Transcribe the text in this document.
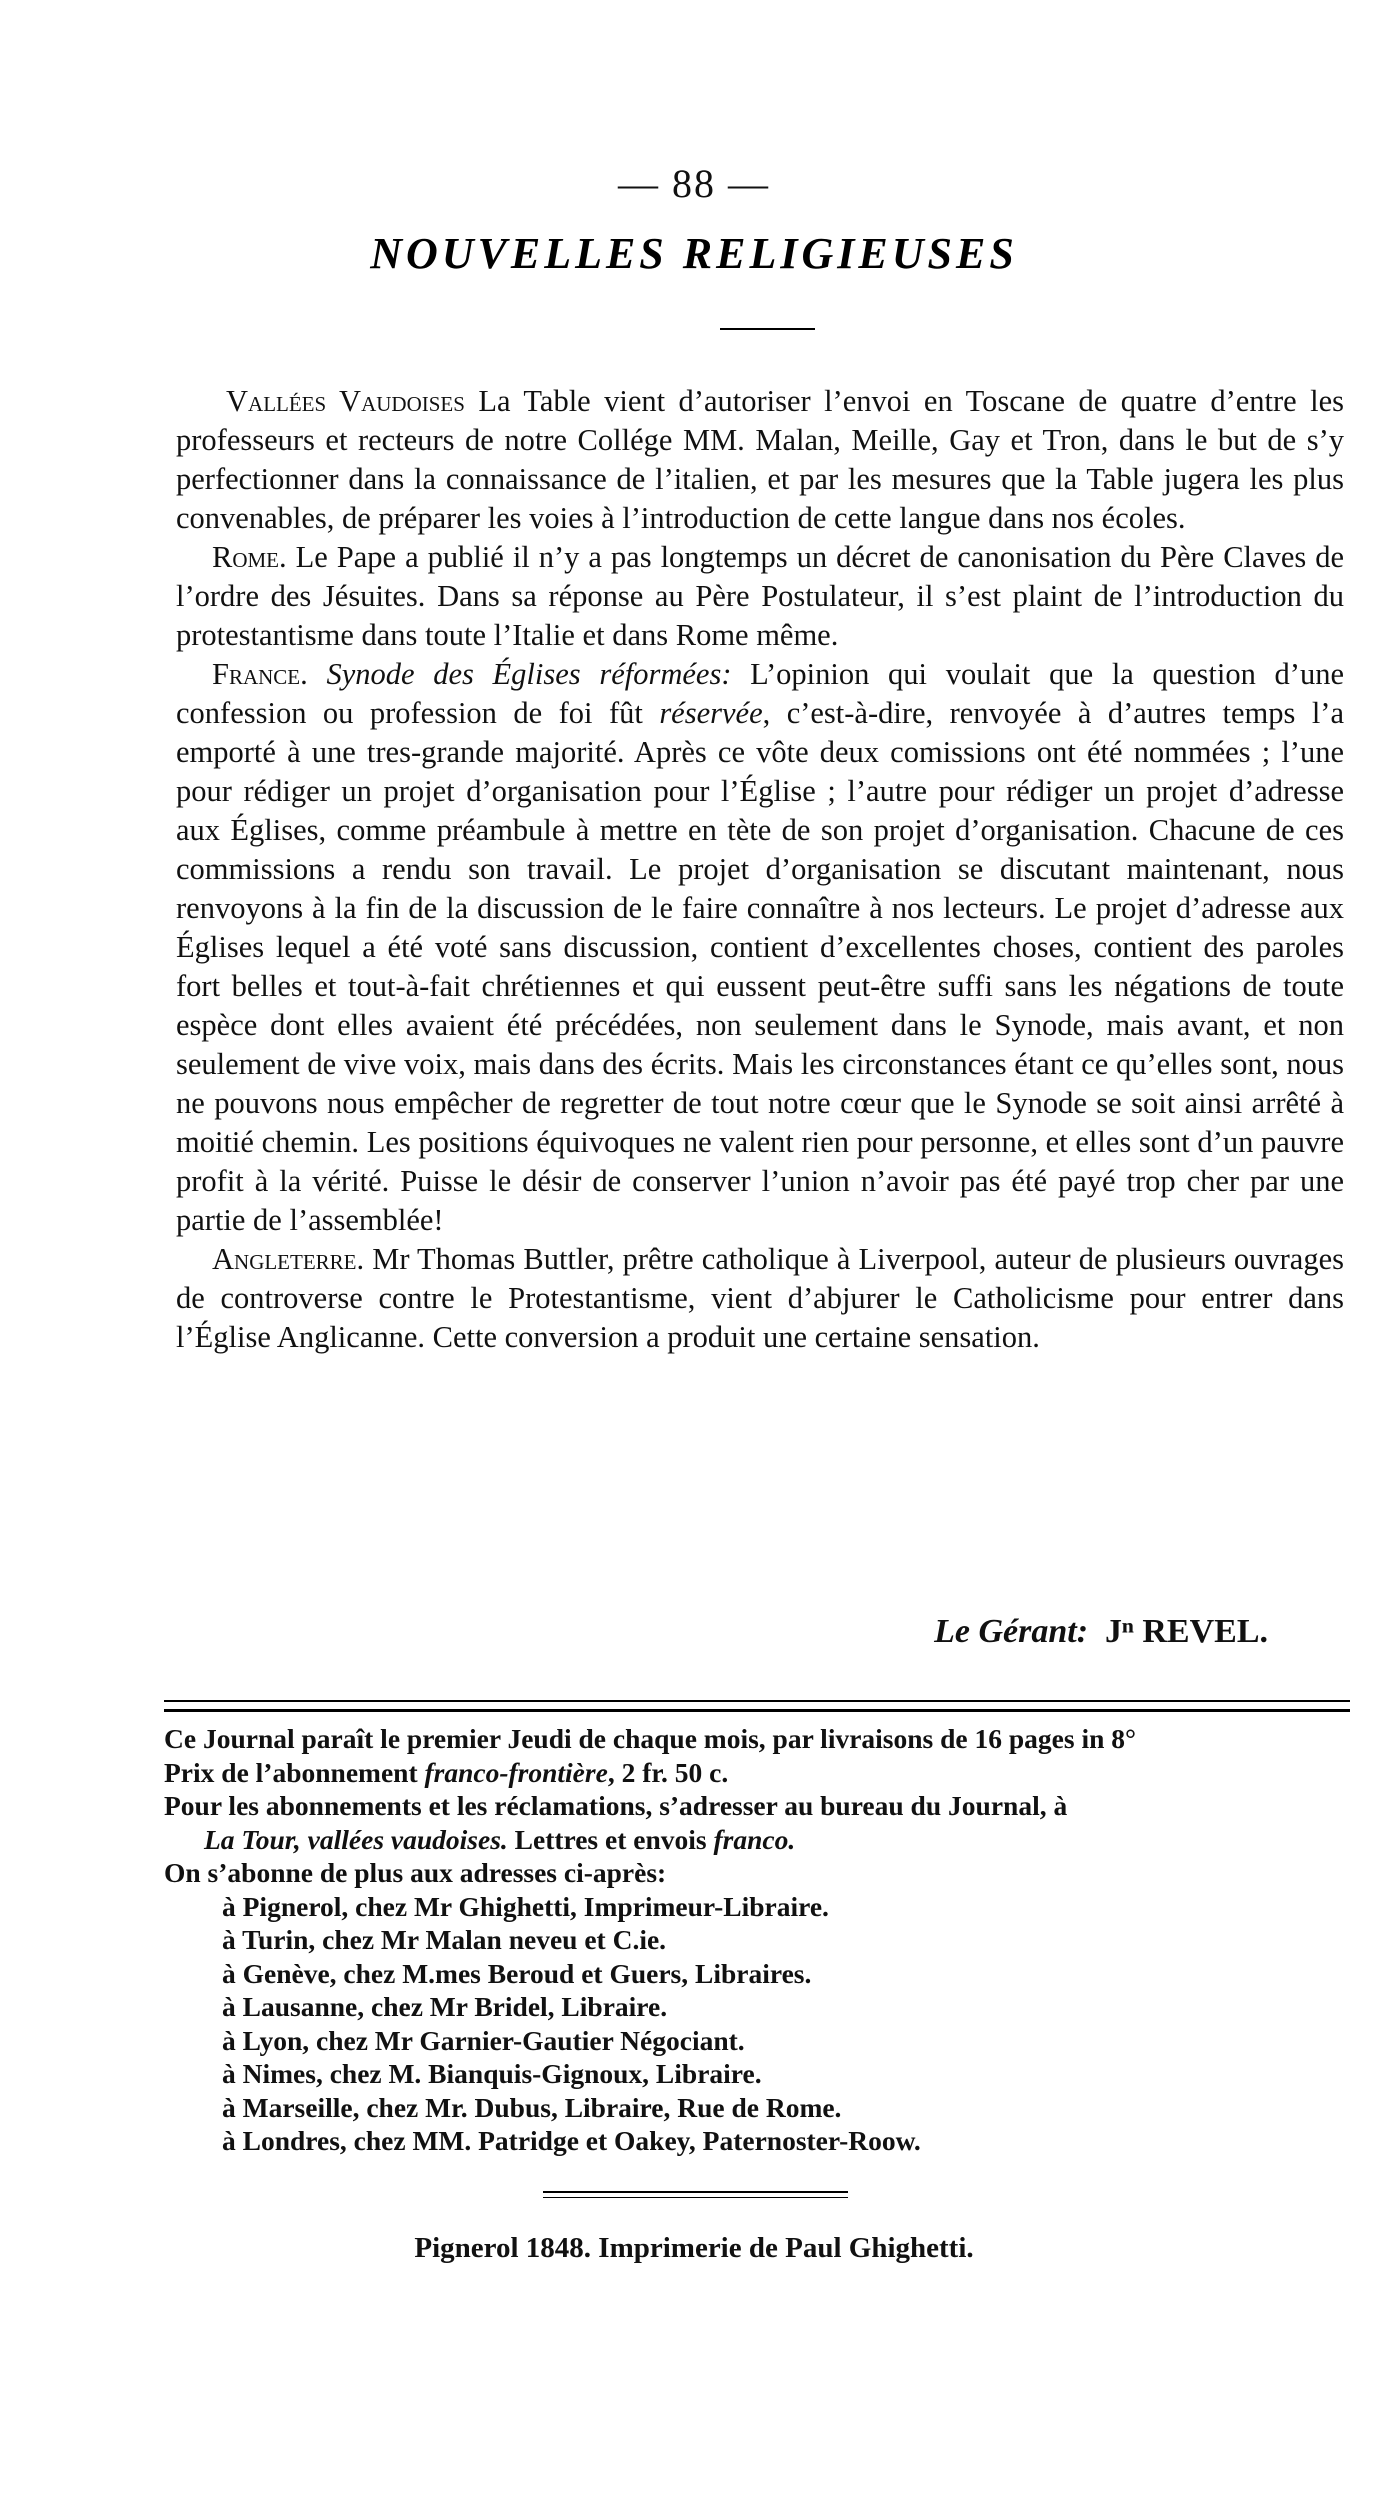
— 88 —
NOUVELLES RELIGIEUSES

Vallées Vaudoises La Table vient d’autoriser l’envoi en Toscane de quatre d’entre les professeurs et recteurs de notre Collége MM. Malan, Meille, Gay et Tron, dans le but de s’y perfectionner dans la connaissance de l’italien, et par les mesures que la Table jugera les plus convenables, de préparer les voies à l’introduction de cette langue dans nos écoles.

Rome. Le Pape a publié il n’y a pas longtemps un décret de canonisation du Père Claves de l’ordre des Jésuites. Dans sa réponse au Père Postulateur, il s’est plaint de l’introduction du protestantisme dans toute l’Italie et dans Rome même.

France. Synode des Églises réformées: L’opinion qui voulait que la question d’une confession ou profession de foi fût réservée, c’est-à-dire, renvoyée à d’autres temps l’a emporté à une tres-grande majorité. Après ce vôte deux comissions ont été nommées ; l’une pour rédiger un projet d’organisation pour l’Église ; l’autre pour rédiger un projet d’adresse aux Églises, comme préambule à mettre en tète de son projet d’organisation. Chacune de ces commissions a rendu son travail. Le projet d’organisation se discutant maintenant, nous renvoyons à la fin de la discussion de le faire connaître à nos lecteurs. Le projet d’adresse aux Églises lequel a été voté sans discussion, contient d’excellentes choses, contient des paroles fort belles et tout-à-fait chrétiennes et qui eussent peut-être suffi sans les négations de toute espèce dont elles avaient été précédées, non seulement dans le Synode, mais avant, et non seulement de vive voix, mais dans des écrits. Mais les circonstances étant ce qu’elles sont, nous ne pouvons nous empêcher de regretter de tout notre cœur que le Synode se soit ainsi arrêté à moitié chemin. Les positions équivoques ne valent rien pour personne, et elles sont d’un pauvre profit à la vérité. Puisse le désir de conserver l’union n’avoir pas été payé trop cher par une partie de l’assemblée!

Angleterre. Mr Thomas Buttler, prêtre catholique à Liverpool, auteur de plusieurs ouvrages de controverse contre le Protestantisme, vient d’abjurer le Catholicisme pour entrer dans l’Église Anglicanne. Cette conversion a produit une certaine sensation.

Le Gérant: Jⁿ REVEL.
Ce Journal paraît le premier Jeudi de chaque mois, par livraisons de 16 pages in 8°
Prix de l’abonnement franco-frontière, 2 fr. 50 c.
Pour les abonnements et les réclamations, s’adresser au bureau du Journal, à
La Tour, vallées vaudoises. Lettres et envois franco.
On s’abonne de plus aux adresses ci-après:
à Pignerol, chez Mr Ghighetti, Imprimeur-Libraire.
à Turin, chez Mr Malan neveu et C.ie.
à Genève, chez M.mes Beroud et Guers, Libraires.
à Lausanne, chez Mr Bridel, Libraire.
à Lyon, chez Mr Garnier-Gautier Négociant.
à Nimes, chez M. Bianquis-Gignoux, Libraire.
à Marseille, chez Mr. Dubus, Libraire, Rue de Rome.
à Londres, chez MM. Patridge et Oakey, Paternoster-Roow.
Pignerol 1848. Imprimerie de Paul Ghighetti.
